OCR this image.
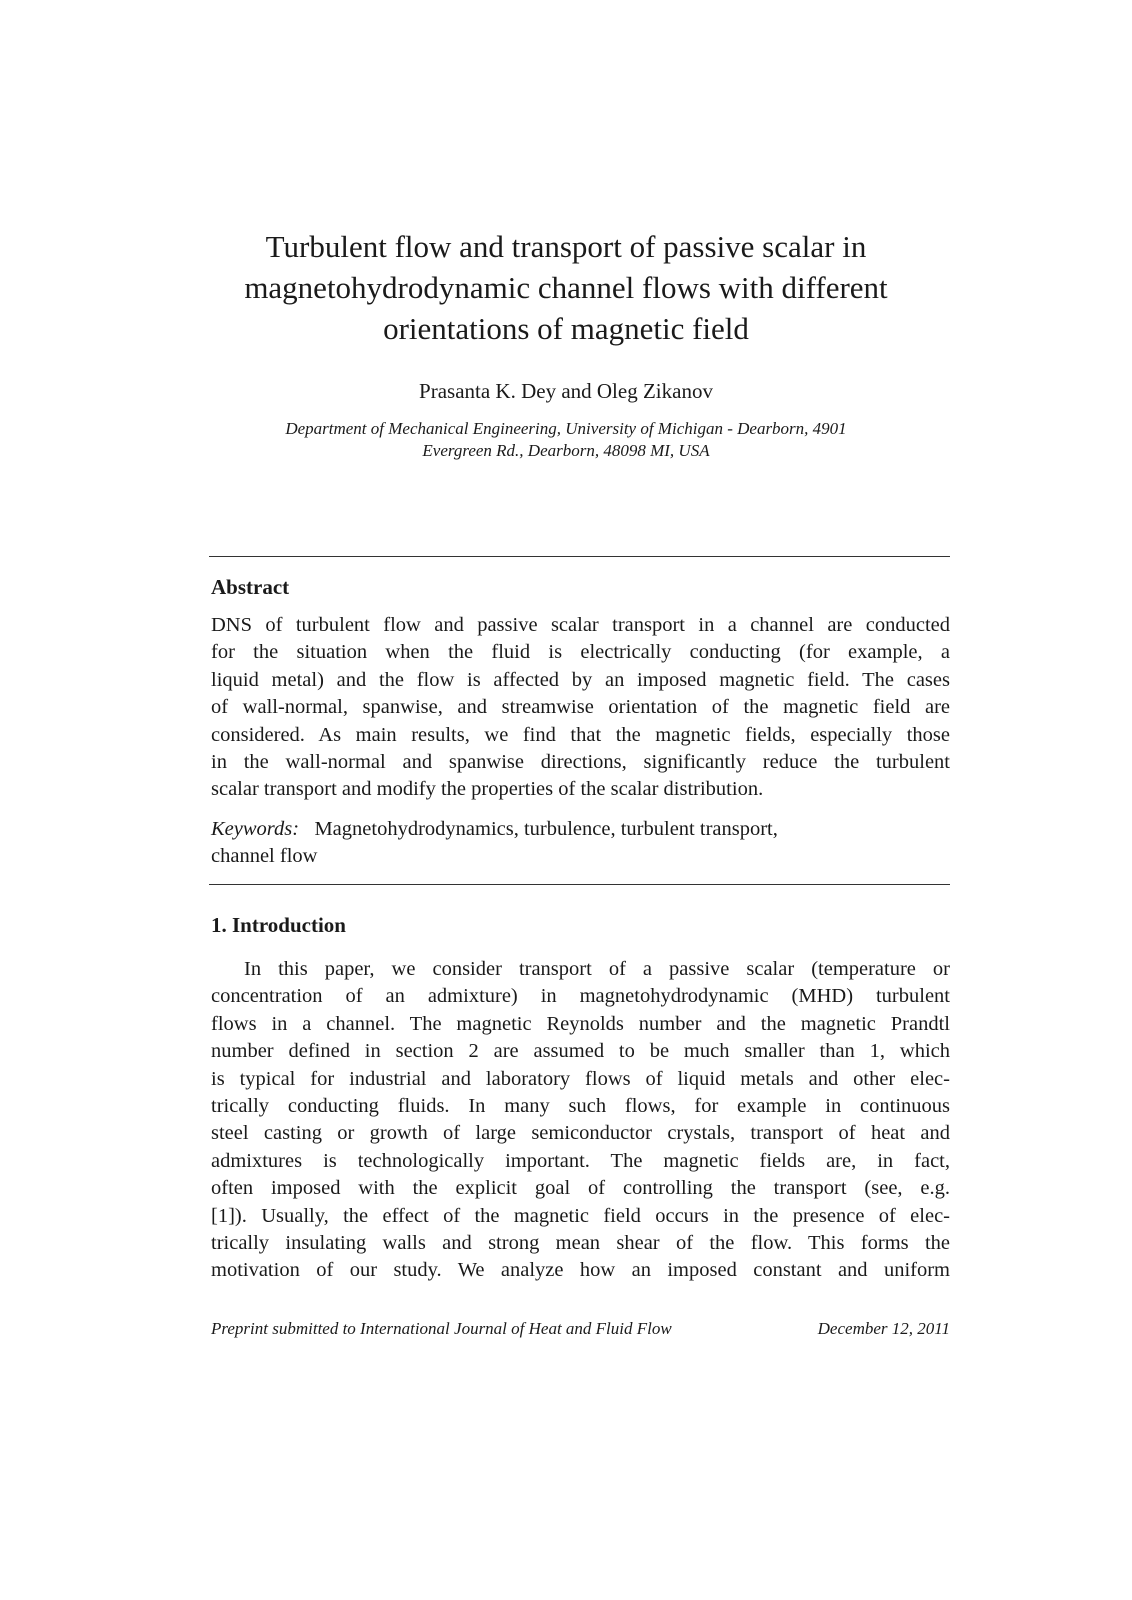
Turbulent flow and transport of passive scalar in
magnetohydrodynamic channel flows with different
orientations of magnetic field
Prasanta K. Dey and Oleg Zikanov
Department of Mechanical Engineering, University of Michigan - Dearborn, 4901
Evergreen Rd., Dearborn, 48098 MI, USA
Abstract
DNS of turbulent flow and passive scalar transport in a channel are conducted
for the situation when the fluid is electrically conducting (for example, a
liquid metal) and the flow is affected by an imposed magnetic field. The cases
of wall-normal, spanwise, and streamwise orientation of the magnetic field are
considered. As main results, we find that the magnetic fields, especially those
in the wall-normal and spanwise directions, significantly reduce the turbulent
scalar transport and modify the properties of the scalar distribution.
Keywords: Magnetohydrodynamics, turbulence, turbulent transport,
channel flow
1. Introduction
In this paper, we consider transport of a passive scalar (temperature or
concentration of an admixture) in magnetohydrodynamic (MHD) turbulent
flows in a channel. The magnetic Reynolds number and the magnetic Prandtl
number defined in section 2 are assumed to be much smaller than 1, which
is typical for industrial and laboratory flows of liquid metals and other elec-
trically conducting fluids. In many such flows, for example in continuous
steel casting or growth of large semiconductor crystals, transport of heat and
admixtures is technologically important. The magnetic fields are, in fact,
often imposed with the explicit goal of controlling the transport (see, e.g.
[1]). Usually, the effect of the magnetic field occurs in the presence of elec-
trically insulating walls and strong mean shear of the flow. This forms the
motivation of our study. We analyze how an imposed constant and uniform
Preprint submitted to International Journal of Heat and Fluid Flow	December 12, 2011
